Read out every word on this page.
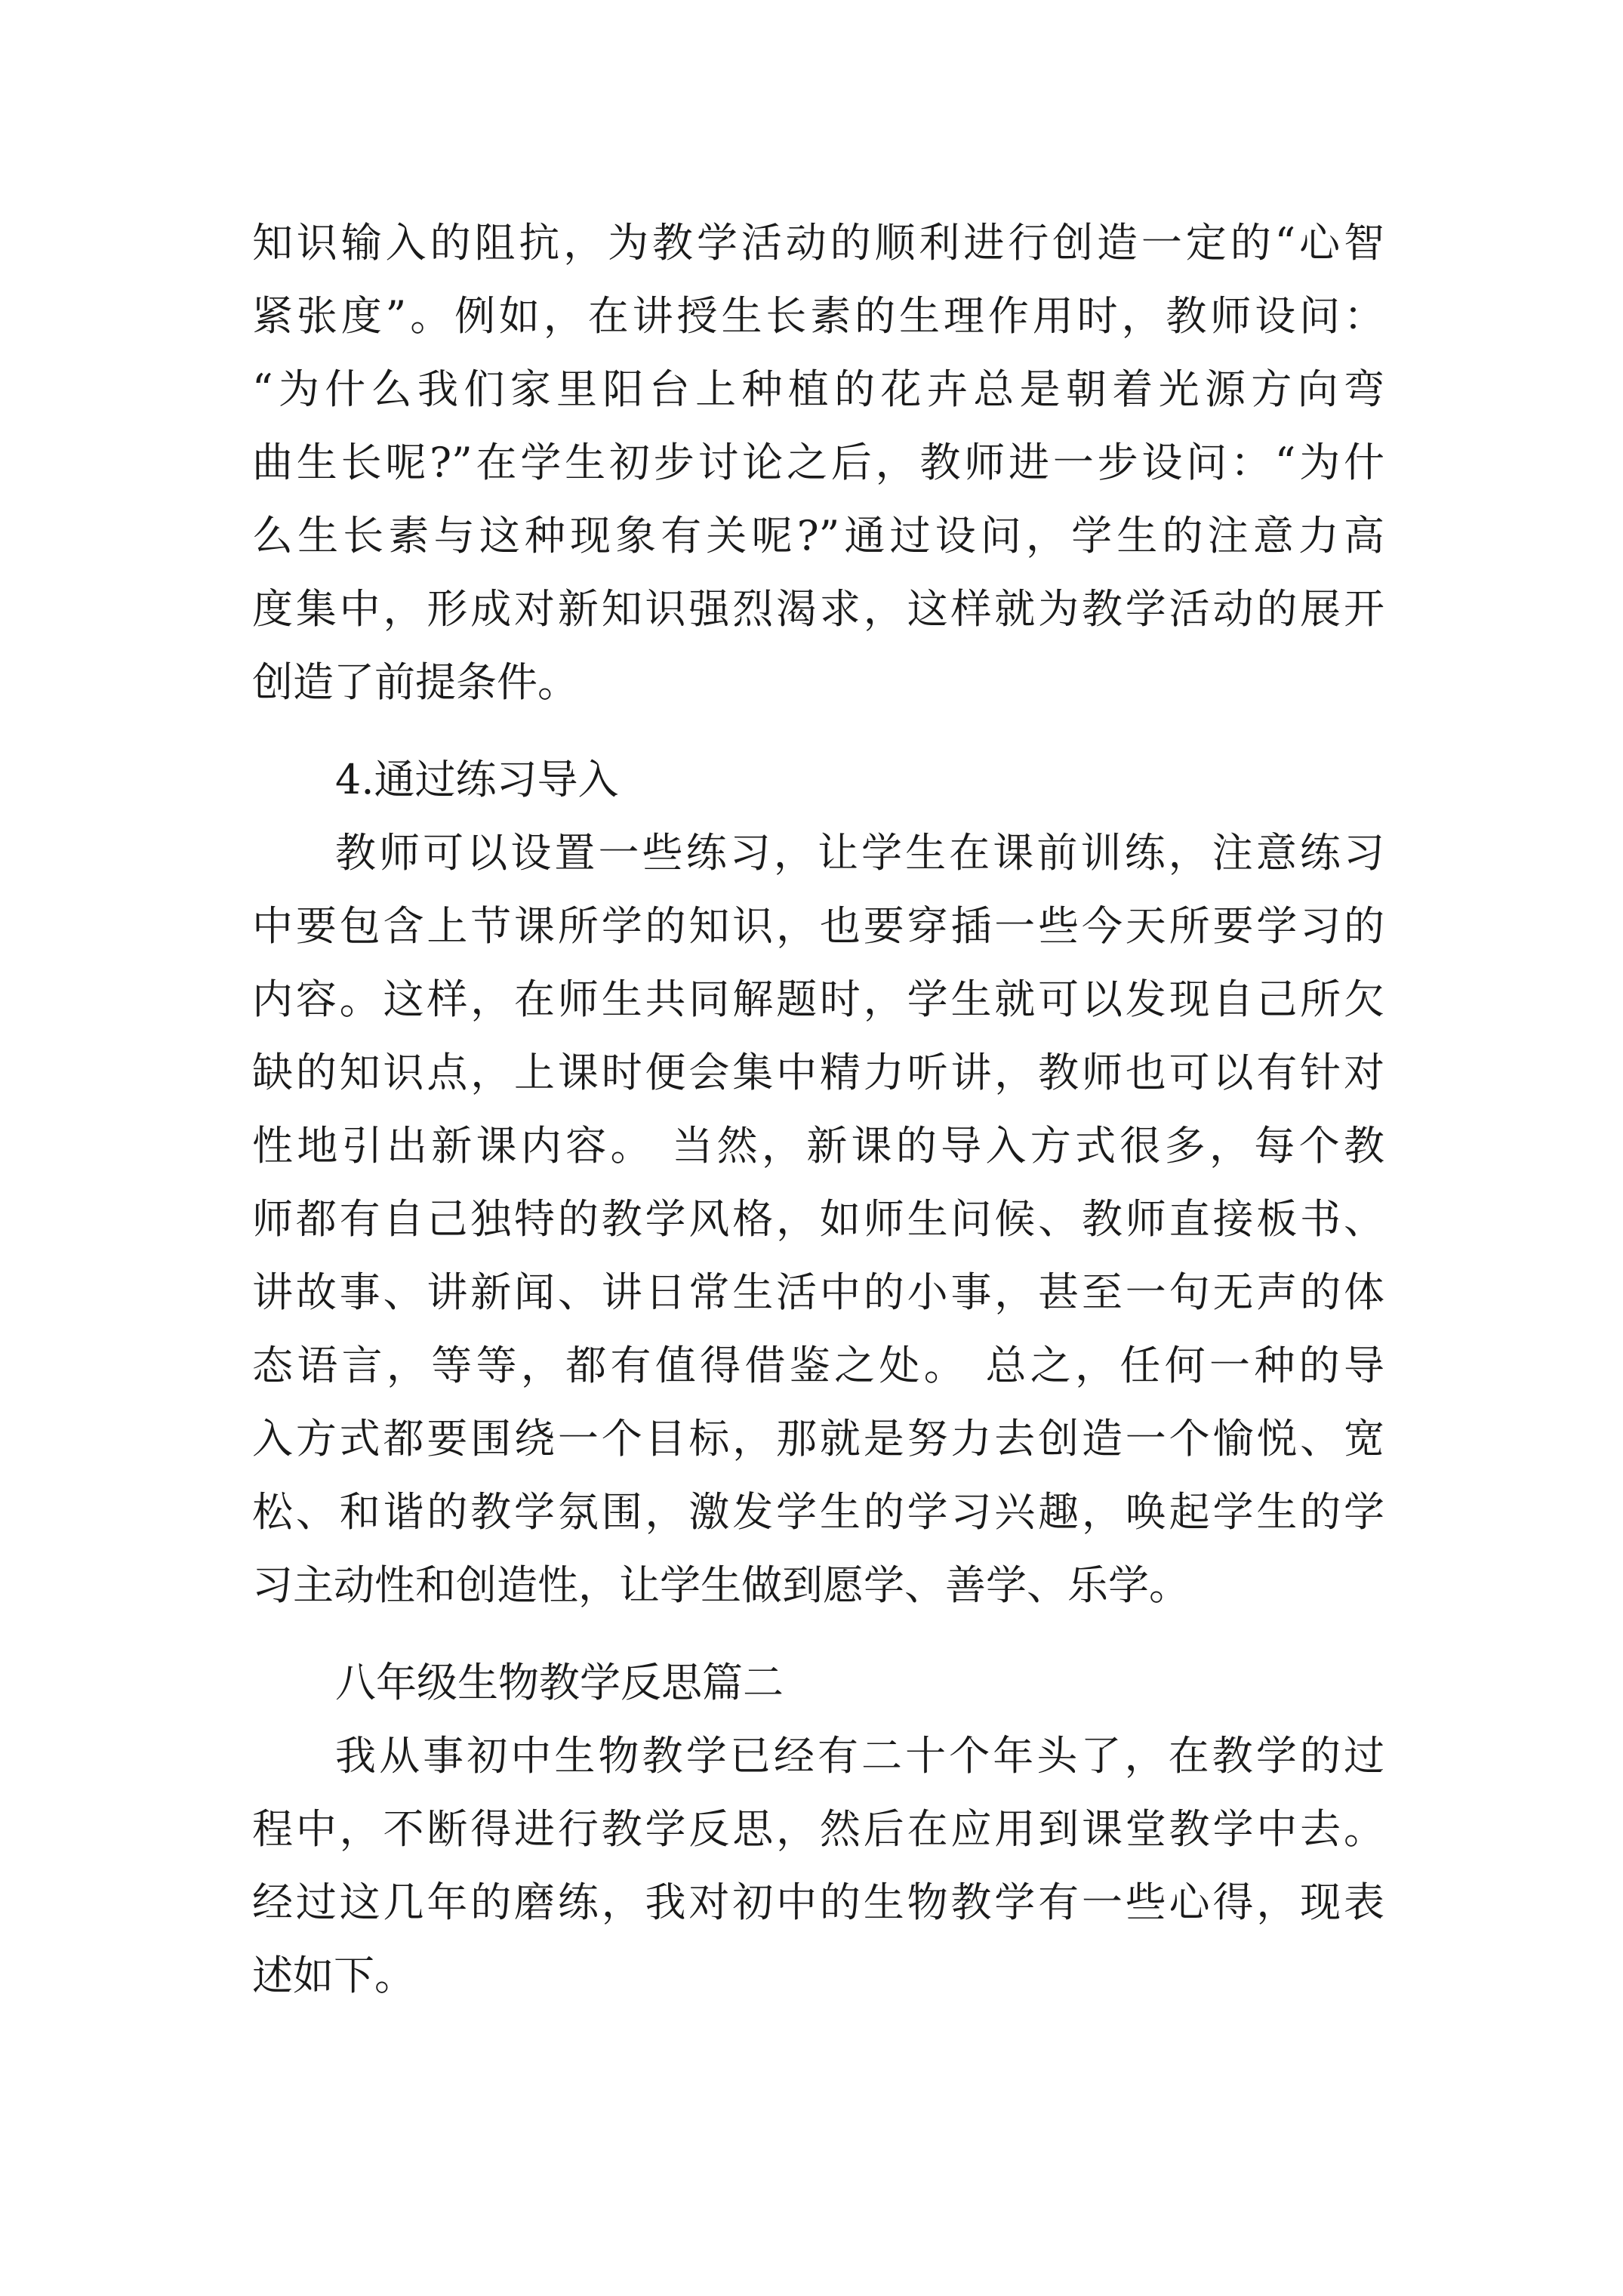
知识输入的阻抗，为教学活动的顺利进行创造一定的“心智
紧张度”。例如，在讲授生长素的生理作用时，教师设问：
“为什么我们家里阳台上种植的花卉总是朝着光源方向弯
曲生长呢?”在学生初步讨论之后，教师进一步设问：“为什
么生长素与这种现象有关呢?”通过设问，学生的注意力高
度集中，形成对新知识强烈渴求，这样就为教学活动的展开
创造了前提条件。
4.通过练习导入
教师可以设置一些练习，让学生在课前训练，注意练习
中要包含上节课所学的知识，也要穿插一些今天所要学习的
内容。这样，在师生共同解题时，学生就可以发现自己所欠
缺的知识点，上课时便会集中精力听讲，教师也可以有针对
性地引出新课内容。 当然，新课的导入方式很多，每个教
师都有自己独特的教学风格，如师生问候、教师直接板书、
讲故事、讲新闻、讲日常生活中的小事，甚至一句无声的体
态语言，等等，都有值得借鉴之处。 总之，任何一种的导
入方式都要围绕一个目标，那就是努力去创造一个愉悦、宽
松、和谐的教学氛围，激发学生的学习兴趣，唤起学生的学
习主动性和创造性，让学生做到愿学、善学、乐学。
八年级生物教学反思篇二
我从事初中生物教学已经有二十个年头了，在教学的过
程中，不断得进行教学反思，然后在应用到课堂教学中去。
经过这几年的磨练，我对初中的生物教学有一些心得，现表
述如下。
